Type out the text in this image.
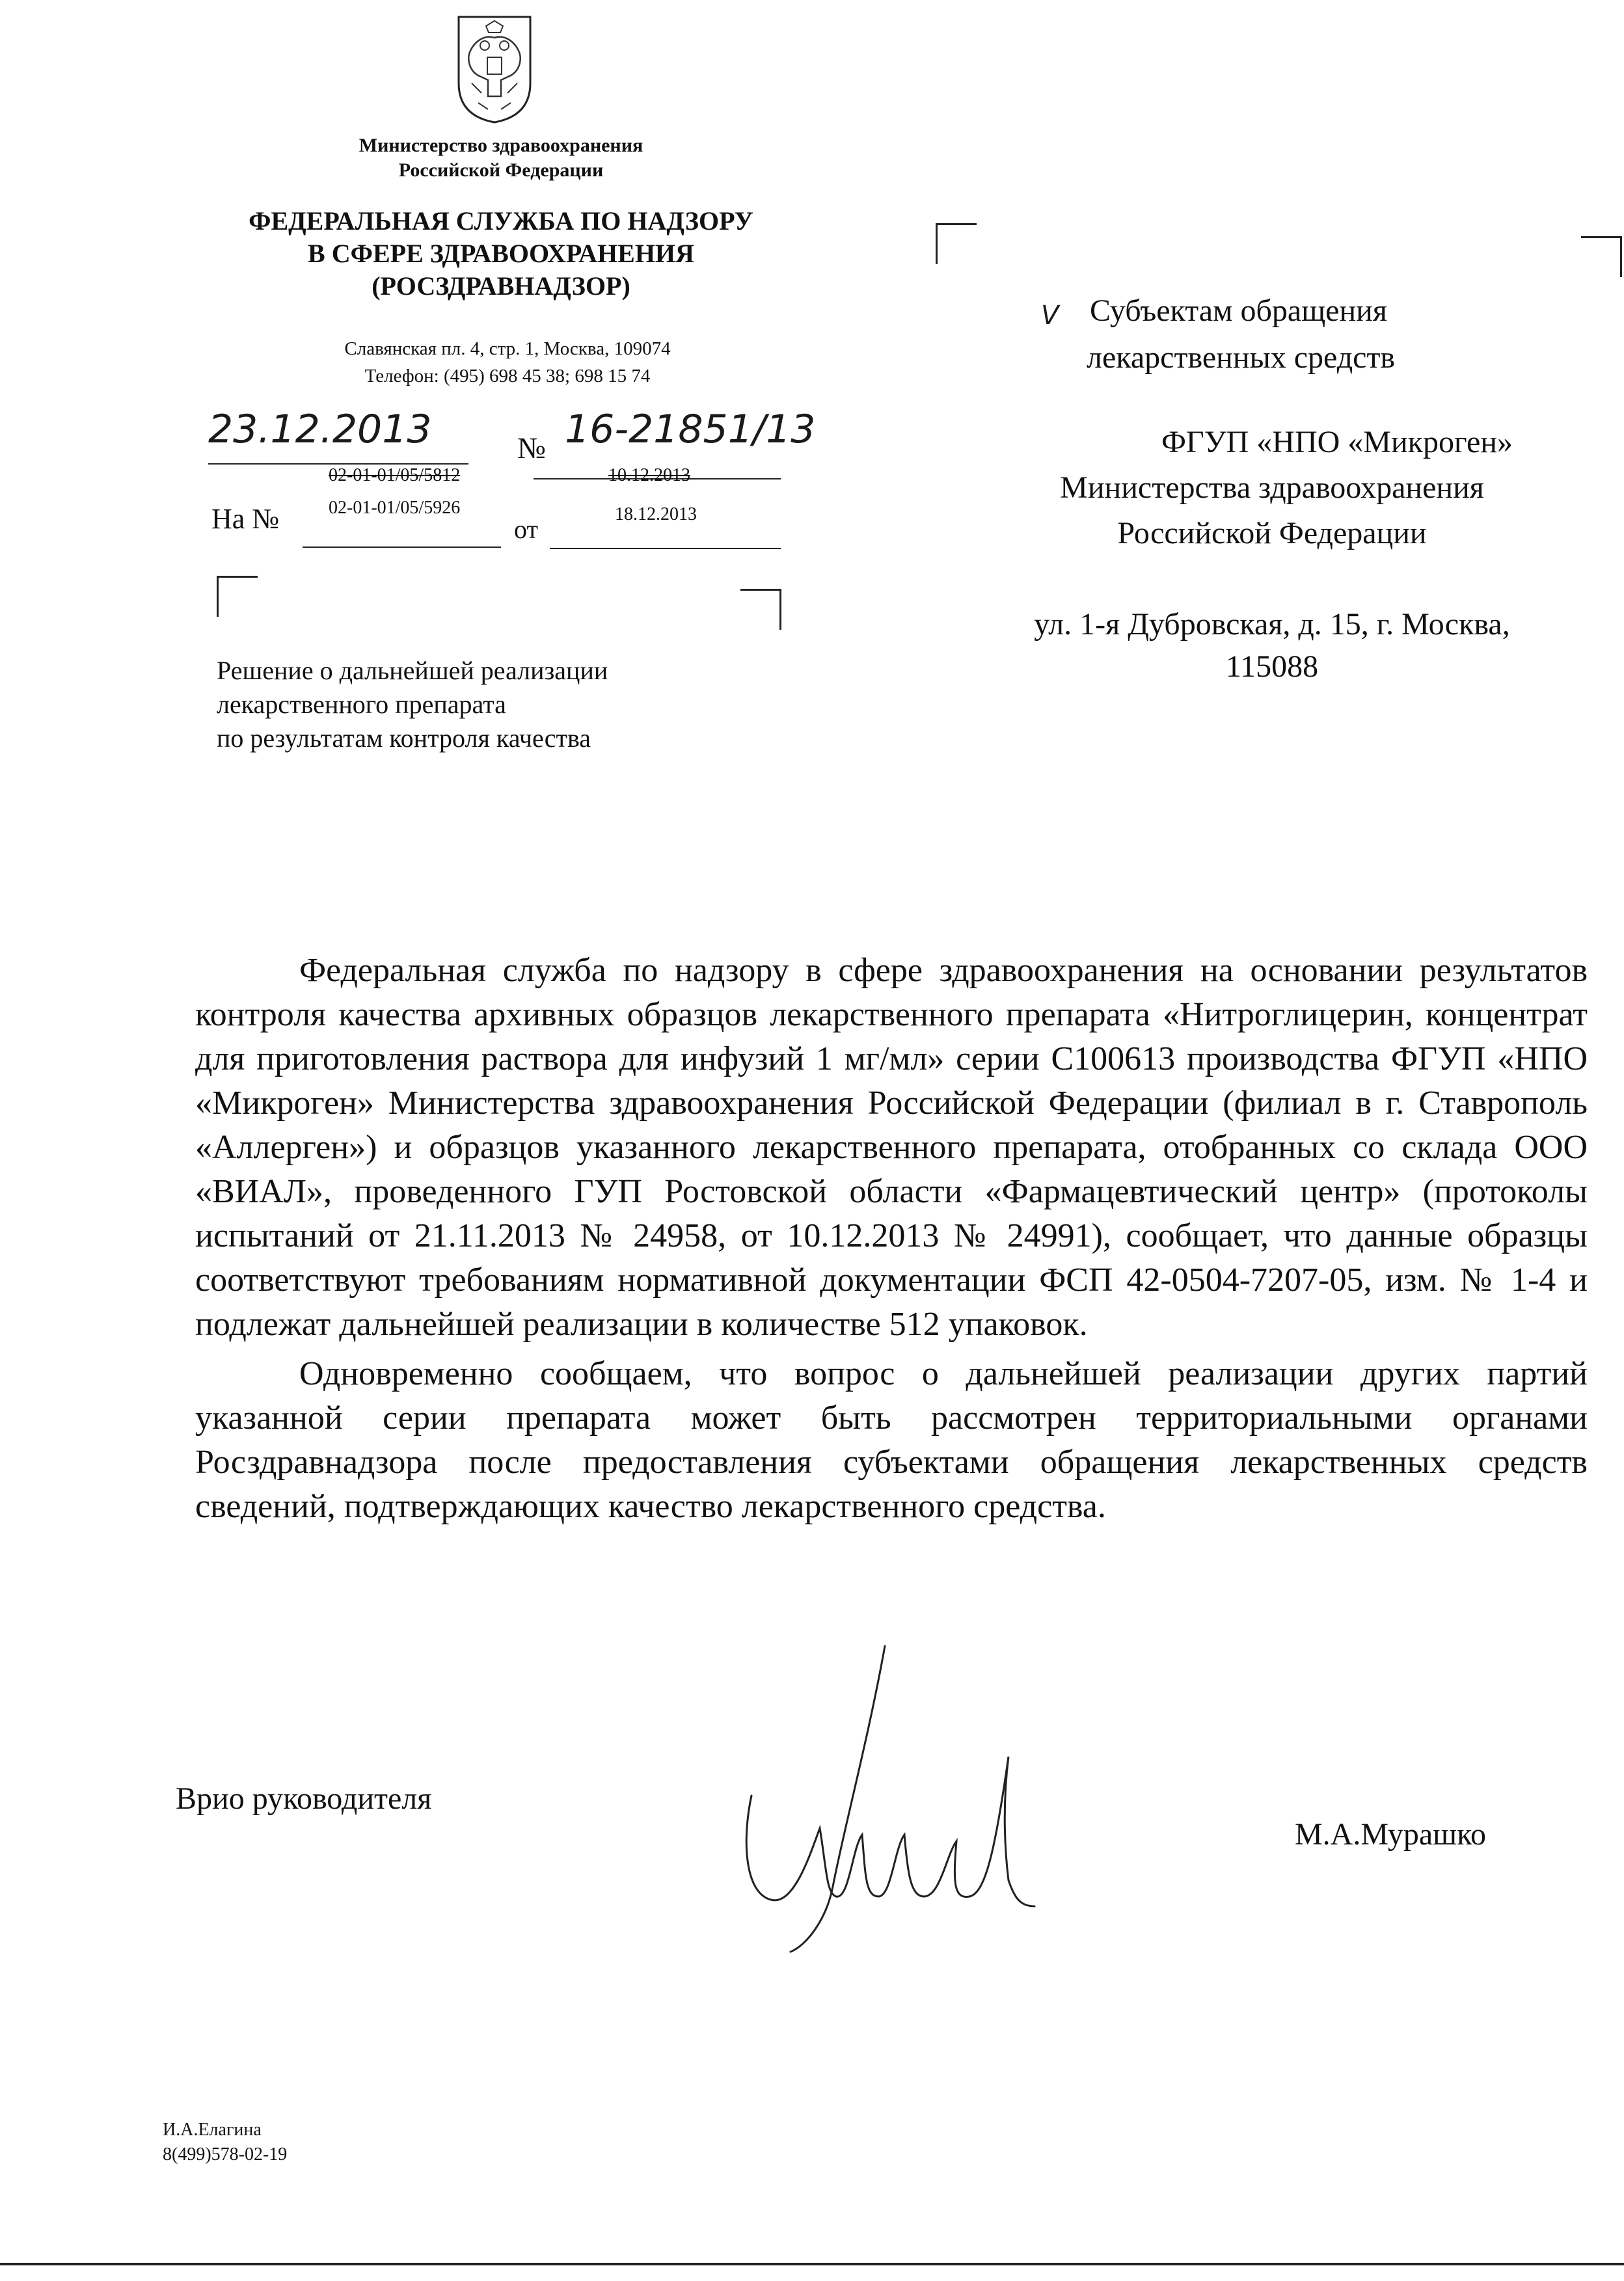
Министерство здравоохранения
Российской Федерации
ФЕДЕРАЛЬНАЯ СЛУЖБА ПО НАДЗОРУ
В СФЕРЕ ЗДРАВООХРАНЕНИЯ
(РОСЗДРАВНАДЗОР)
Славянская пл. 4, стр. 1, Москва, 109074
Телефон: (495) 698 45 38; 698 15 74
23.12.2013	№ 16-21851/13
02-01-01/05/5812	10.12.2013
На №	02-01-01/05/5926
от
18.12.2013
V Субъектам обращения
лекарственных средств
ФГУП «НПО «Микроген»
Министерства здравоохранения
Российской Федерации
ул. 1-я Дубровская, д. 15, г. Москва,
115088
Решение о дальнейшей реализации
лекарственного препарата
по результатам контроля качества

Федеральная служба по надзору в сфере здравоохранения на основании результатов контроля качества архивных образцов лекарственного препарата «Нитроглицерин, концентрат для приготовления раствора для инфузий 1 мг/мл» серии С100613 производства ФГУП «НПО «Микроген» Министерства здравоохранения Российской Федерации (филиал в г. Ставрополь «Аллерген») и образцов указанного лекарственного препарата, отобранных со склада ООО «ВИАЛ», проведенного ГУП Ростовской области «Фармацевтический центр» (протоколы испытаний от 21.11.2013 № 24958, от 10.12.2013 № 24991), сообщает, что данные образцы соответствуют требованиям нормативной документации ФСП 42-0504-7207-05, изм. № 1-4 и подлежат дальнейшей реализации в количестве 512 упаковок.

Одновременно сообщаем, что вопрос о дальнейшей реализации других партий указанной серии препарата может быть рассмотрен территориальными органами Росздравнадзора после предоставления субъектами обращения лекарственных средств сведений, подтверждающих качество лекарственного средства.

Врио руководителя
М.А.Мурашко
И.А.Елагина
8(499)578-02-19
